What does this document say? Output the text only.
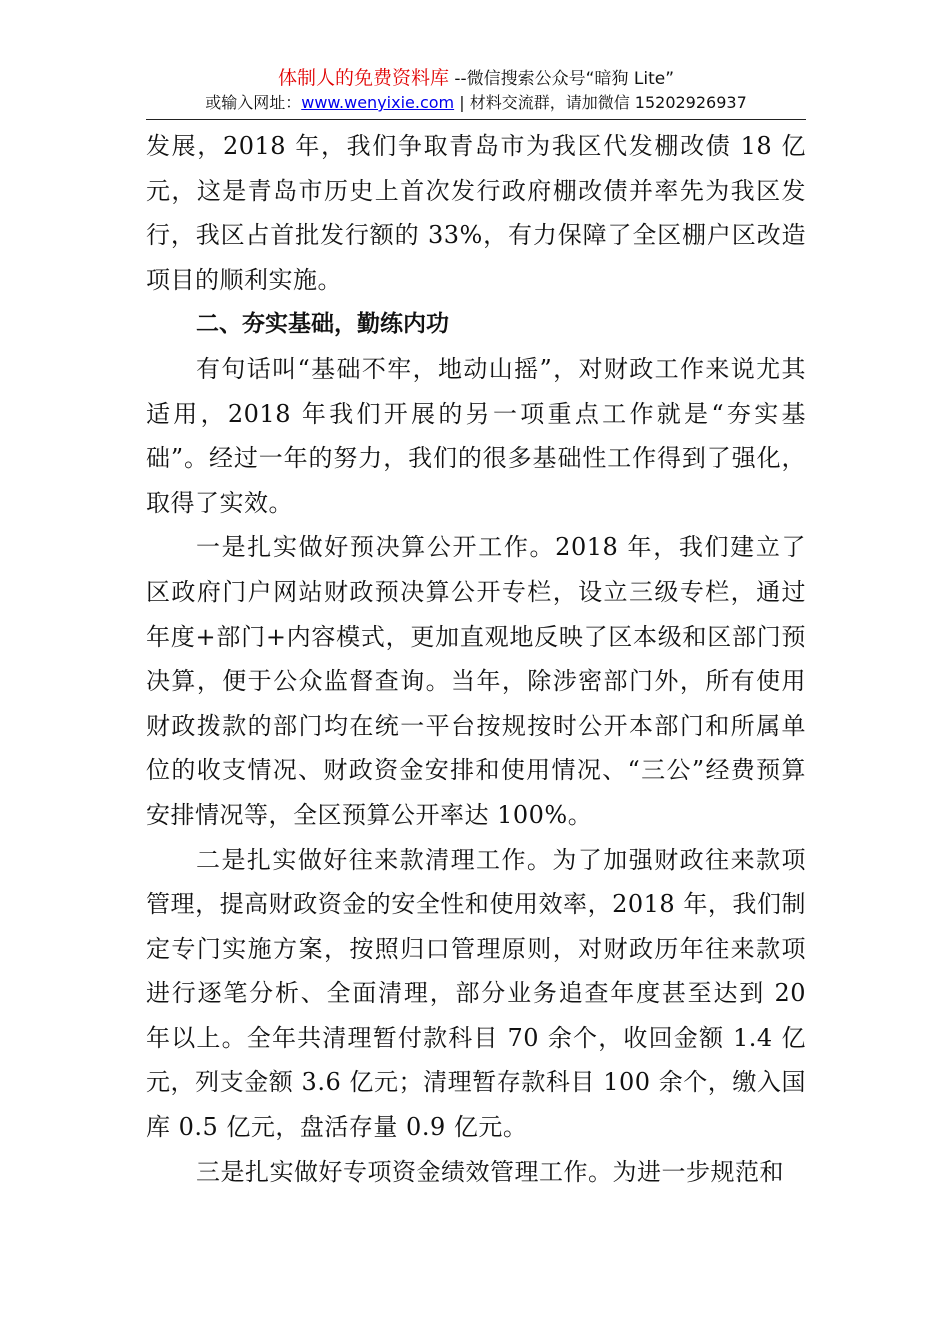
体制人的免费资料库 --微信搜索公众号“暗狗 Lite”
或输入网址：www.wenyixie.com | 材料交流群，请加微信 15202926937

发展，2018 年，我们争取青岛市为我区代发棚改债 18 亿元，这是青岛市历史上首次发行政府棚改债并率先为我区发行，我区占首批发行额的 33%，有力保障了全区棚户区改造项目的顺利实施。

二、夯实基础，勤练内功

有句话叫“基础不牢，地动山摇”，对财政工作来说尤其适用，2018 年我们开展的另一项重点工作就是“夯实基础”。经过一年的努力，我们的很多基础性工作得到了强化，取得了实效。

一是扎实做好预决算公开工作。2018 年，我们建立了区政府门户网站财政预决算公开专栏，设立三级专栏，通过年度+部门+内容模式，更加直观地反映了区本级和区部门预决算，便于公众监督查询。当年，除涉密部门外，所有使用财政拨款的部门均在统一平台按规按时公开本部门和所属单位的收支情况、财政资金安排和使用情况、“三公”经费预算安排情况等，全区预算公开率达 100%。

二是扎实做好往来款清理工作。为了加强财政往来款项管理，提高财政资金的安全性和使用效率，2018 年，我们制定专门实施方案，按照归口管理原则，对财政历年往来款项进行逐笔分析、全面清理，部分业务追查年度甚至达到 20 年以上。全年共清理暂付款科目 70 余个，收回金额 1.4 亿元，列支金额 3.6 亿元；清理暂存款科目 100 余个，缴入国库 0.5 亿元，盘活存量 0.9 亿元。

三是扎实做好专项资金绩效管理工作。为进一步规范和
